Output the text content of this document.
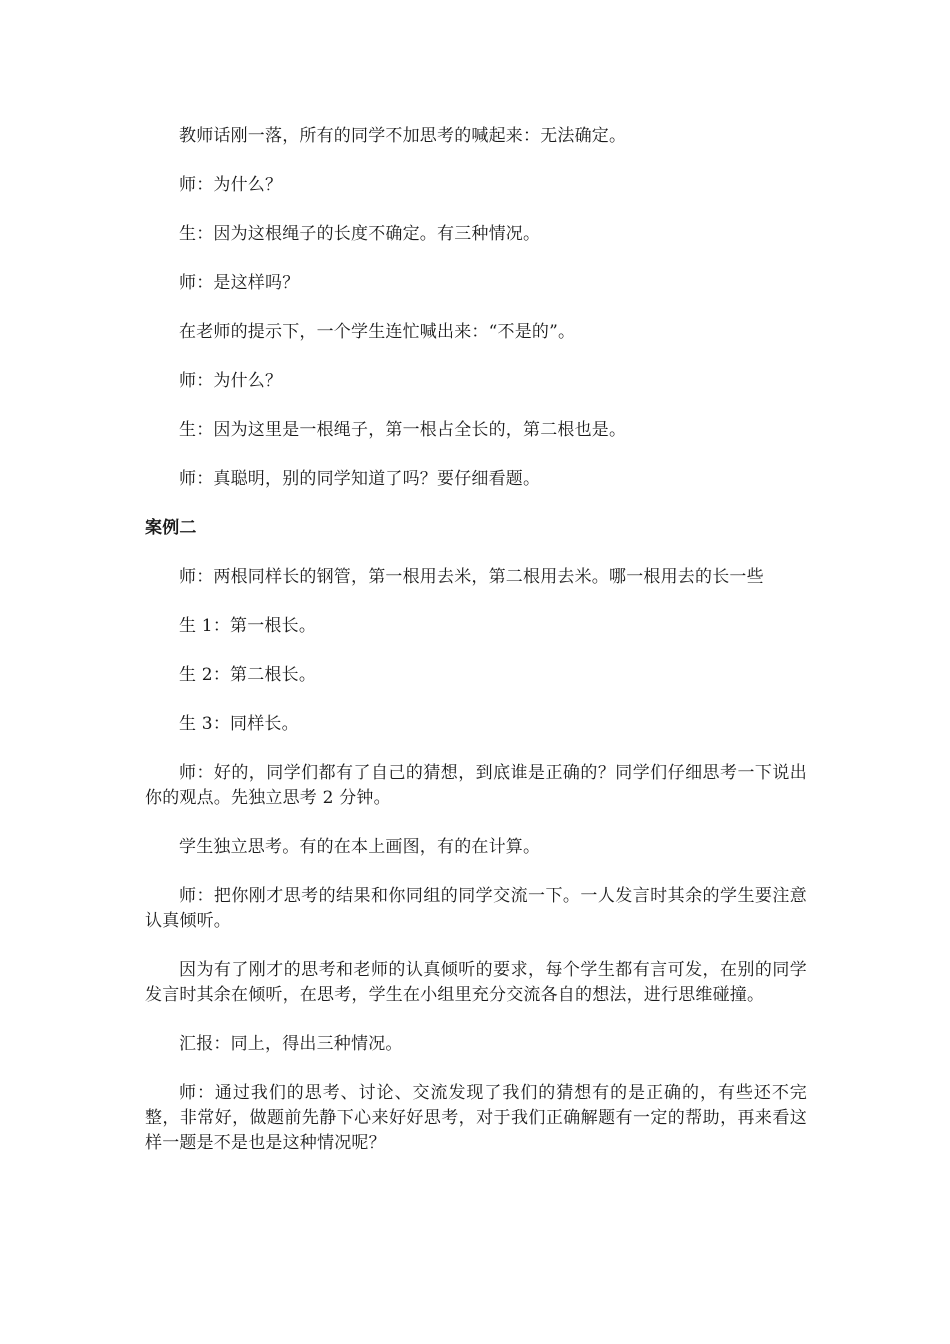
教师话刚一落，所有的同学不加思考的喊起来：无法确定。

师：为什么？

生：因为这根绳子的长度不确定。有三种情况。

师：是这样吗？

在老师的提示下，一个学生连忙喊出来：“不是的”。

师：为什么？

生：因为这里是一根绳子，第一根占全长的，第二根也是。

师：真聪明，别的同学知道了吗？要仔细看题。

案例二

师：两根同样长的钢管，第一根用去米，第二根用去米。哪一根用去的长一些

生 1：第一根长。

生 2：第二根长。

生 3：同样长。

师：好的，同学们都有了自己的猜想，到底谁是正确的？同学们仔细思考一下说出你的观点。先独立思考 2 分钟。

学生独立思考。有的在本上画图，有的在计算。

师：把你刚才思考的结果和你同组的同学交流一下。一人发言时其余的学生要注意认真倾听。

因为有了刚才的思考和老师的认真倾听的要求，每个学生都有言可发，在别的同学发言时其余在倾听，在思考，学生在小组里充分交流各自的想法，进行思维碰撞。

汇报：同上，得出三种情况。

师：通过我们的思考、讨论、交流发现了我们的猜想有的是正确的，有些还不完整，非常好，做题前先静下心来好好思考，对于我们正确解题有一定的帮助，再来看这样一题是不是也是这种情况呢？
